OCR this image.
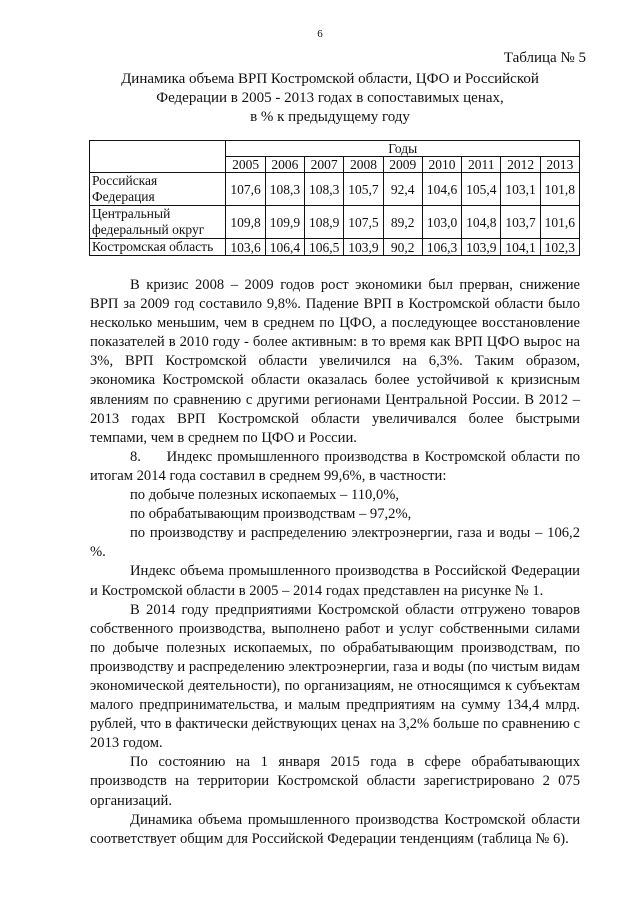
6
Таблица № 5
Динамика объема ВРП Костромской области, ЦФО и Российской
Федерации в 2005 - 2013 годах в сопоставимых ценах,
в % к предыдущему году
	Годы								
	2005	2006	2007	2008	2009	2010	2011	2012	2013
Российская
Федерация	107,6	108,3	108,3	105,7	92,4	104,6	105,4	103,1	101,8
Центральный
федеральный округ	109,8	109,9	108,9	107,5	89,2	103,0	104,8	103,7	101,6
Костромская область	103,6	106,4	106,5	103,9	90,2	106,3	103,9	104,1	102,3

В кризис 2008 – 2009 годов рост экономики был прерван, снижение ВРП за 2009 год составило 9,8%. Падение ВРП в Костромской области было несколько меньшим, чем в среднем по ЦФО, а последующее восстановление показателей в 2010 году - более активным: в то время как ВРП ЦФО вырос на 3%, ВРП Костромской области увеличился на 6,3%. Таким образом, экономика Костромской области оказалась более устойчивой к кризисным явлениям по сравнению с другими регионами Центральной России. В 2012 – 2013 годах ВРП Костромской области увеличивался более быстрыми темпами, чем в среднем по ЦФО и России.

8.     Индекс промышленного производства в Костромской области по итогам 2014 года составил в среднем 99,6%, в частности:

по добыче полезных ископаемых – 110,0%,

по обрабатывающим производствам – 97,2%,

по производству и распределению электроэнергии, газа и воды – 106,2 %.

Индекс объема промышленного производства в Российской Федерации и Костромской области в 2005 – 2014 годах представлен на рисунке № 1.

В 2014 году предприятиями Костромской области отгружено товаров собственного производства, выполнено работ и услуг собственными силами по добыче полезных ископаемых, по обрабатывающим производствам, по производству и распределению электроэнергии, газа и воды (по чистым видам экономической деятельности), по организациям, не относящимся к субъектам малого предпринимательства, и малым предприятиям на сумму 134,4 млрд. рублей, что в фактически действующих ценах на 3,2% больше по сравнению с 2013 годом.

По состоянию на 1 января 2015 года в сфере обрабатывающих производств на территории Костромской области зарегистрировано 2 075 организаций.

Динамика объема промышленного производства Костромской области соответствует общим для Российской Федерации тенденциям (таблица № 6).
